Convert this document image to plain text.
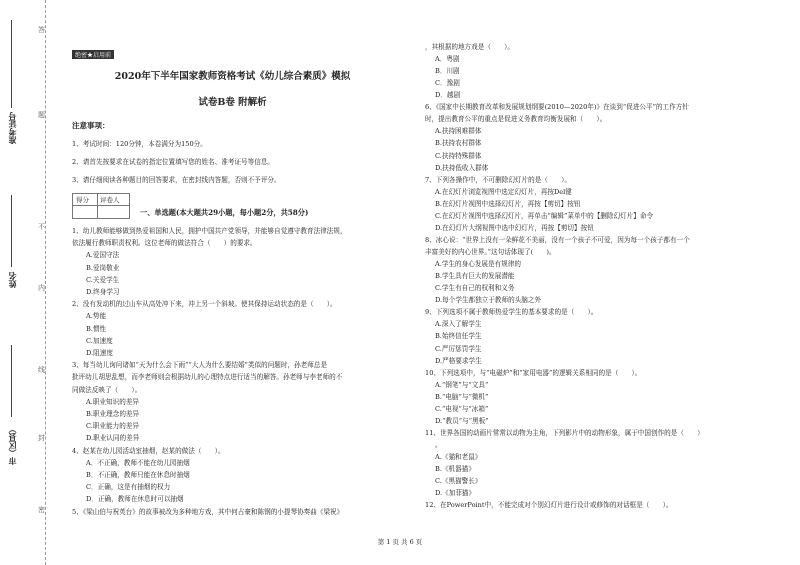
准考证号
姓名
市（区县）
答
题
不
内
线
封
密
绝密★启用前
2020年下半年国家教师资格考试《幼儿综合素质》模拟
试卷B卷 附解析
注意事项：
1、考试时间：120分钟，本卷满分为150分。
2、请首先按要求在试卷的指定位置填写您的姓名、准考证号等信息。
3、请仔细阅读各种题目的回答要求，在密封线内答题，否则不予评分。
得分 评卷人
一、单选题(本大题共29小题，每小题2分，共58分)
1、幼儿教师能够做到热爱祖国和人民，拥护中国共产党领导，并能够自觉遵守教育法律法规，
依法履行教师职责权利。这位老师的做法符合（　　）的要求。
A.爱国守法
B.爱岗敬业
C.关爱学生
D.终身学习
2、没有发动机的过山车从高处冲下来，冲上另一个斜坡。使其保持运动状态的是（　　）。
A.势能
B.惯性
C.加速度
D.阻速度
3、每当幼儿询问诸如“天为什么会下雨”“大人为什么要结婚”类似的问题时，孙老师总是
批评幼儿胡思乱想，而李老师则会根据幼儿的心理特点进行适当的解答。孙老师与李老师的不
同做法反映了（　　）。
A.职业知识的差异
B.职业理念的差异
C.职业能力的差异
D.职业认同的差异
4、赵某在幼儿园活动室抽烟，赵某的做法（　　）。
A．不正确，教师不能在幼儿园抽烟
B．不正确，教师只能在休息时抽烟
C．正确，这是有抽烟的权力
D．正确，教师在休息时可以抽烟
5、《梁山伯与祝英台》的故事被改为多种地方戏，其中何占豪和陈钢的小提琴协奏曲《梁祝》
，其根据的地方戏是（　　）。
A．粤剧
B．川剧
C．豫剧
D．越剧
6、《国家中长期教育改革和发展规划纲要(2010—2020年)》在谈到“促进公平”的工作方针
时，提出教育公平的重点是促进义务教育均衡发展和（　　）。
A.扶持困难群体
B.扶持农村群体
C.扶持特殊群体
D.扶持低收入群体
7、下列各操作中，不可删除幻灯片的是（　　）。
A.在幻灯片浏览视图中选定幻灯片，再按Del键
B.在幻灯片视图中选择幻灯片，再按【剪切】按钮
C.在幻灯片视图中选择幻灯片，再单击“编辑”菜单中的【删除幻灯片】命令
D.在幻灯片大纲视图中选中幻灯片，再按【剪切】按钮
8、冰心说：“世界上没有一朵鲜花不美丽，没有一个孩子不可爱，因为每一个孩子都有一个
丰富美好的内心世界。”这句话体现了(　　)。
A.学生的身心发展是有规律的
B.学生具有巨大的发展潜能
C.学生有自己的权利和义务
D.每个学生都独立于教师的头脑之外
9、下列选项不属于教师热爱学生的基本要求的是（　　）。
A.深入了解学生
B.始终信任学生
C.严厉惩罚学生
D.严格要求学生
10、下列选项中，与“电磁炉”和“家用电器”的逻辑关系相同的是（　　）。
A.“钢笔”与“文具”
B.“电脑”与“微机”
C.“电视”与“冰箱”
D.“教员”与“黑板”
11、世界各国的动画片常常以动物为主角，下列影片中的动物形象，属于中国创作的是（　　）
。
A.《猫和老鼠》
B.《机器猫》
C.《黑猫警长》
D.《加菲猫》
12、在PowerPoint中，不能完成对个别幻灯片进行设计或修饰的对话框是（　　）。
第 1 页 共 6 页
